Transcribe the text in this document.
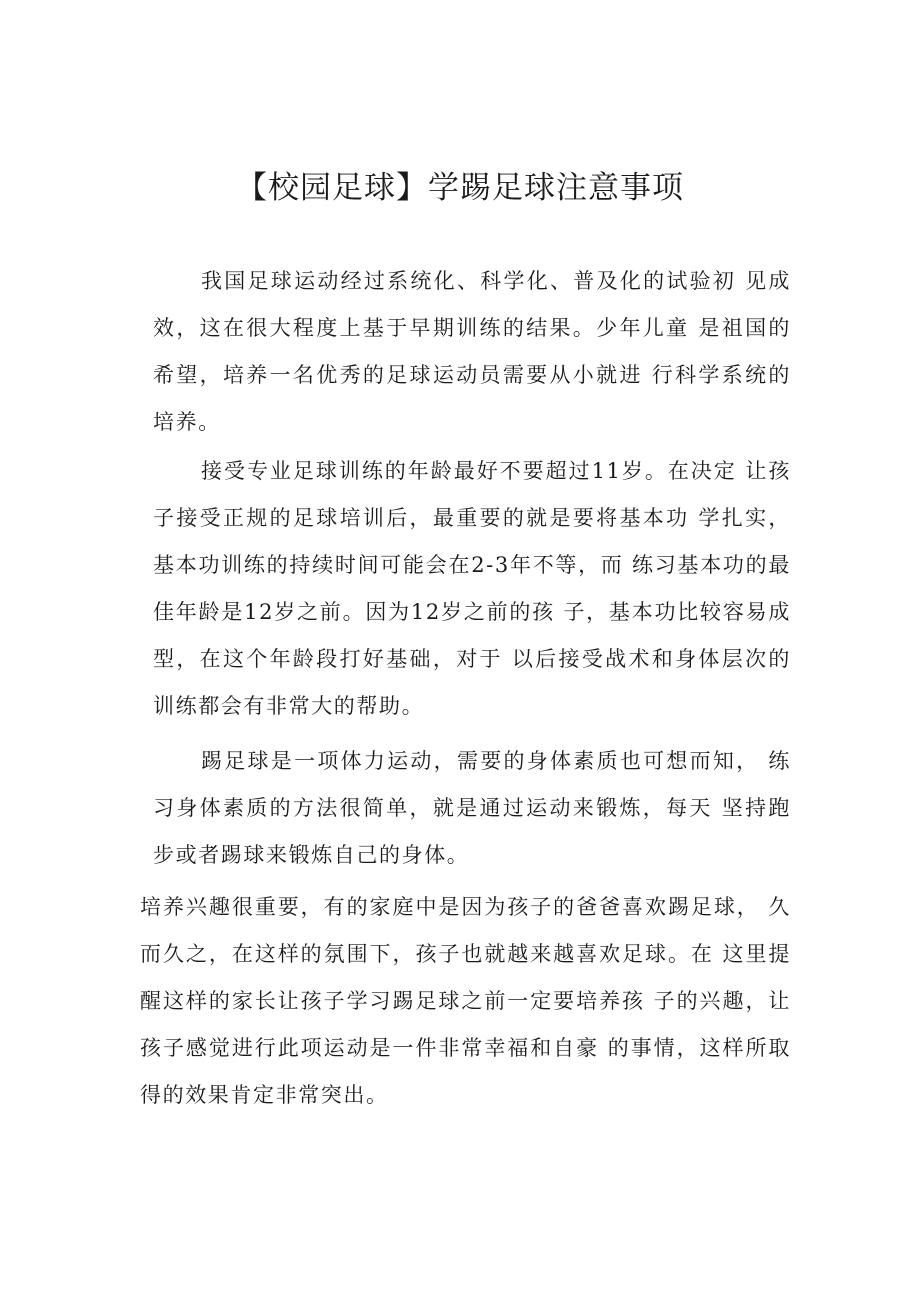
【校园足球】学踢足球注意事项

我国足球运动经过系统化、科学化、普及化的试验初 见成效，这在很大程度上基于早期训练的结果。少年儿童 是祖国的希望，培养一名优秀的足球运动员需要从小就进 行科学系统的培养。

接受专业足球训练的年龄最好不要超过11岁。在决定 让孩子接受正规的足球培训后，最重要的就是要将基本功 学扎实，基本功训练的持续时间可能会在2-3年不等，而 练习基本功的最佳年龄是12岁之前。因为12岁之前的孩 子，基本功比较容易成型，在这个年龄段打好基础，对于 以后接受战术和身体层次的训练都会有非常大的帮助。

踢足球是一项体力运动，需要的身体素质也可想而知， 练习身体素质的方法很简单，就是通过运动来锻炼，每天 坚持跑步或者踢球来锻炼自己的身体。

培养兴趣很重要，有的家庭中是因为孩子的爸爸喜欢踢足球， 久而久之，在这样的氛围下，孩子也就越来越喜欢足球。在 这里提醒这样的家长让孩子学习踢足球之前一定要培养孩 子的兴趣，让孩子感觉进行此项运动是一件非常幸福和自豪 的事情，这样所取得的效果肯定非常突出。
